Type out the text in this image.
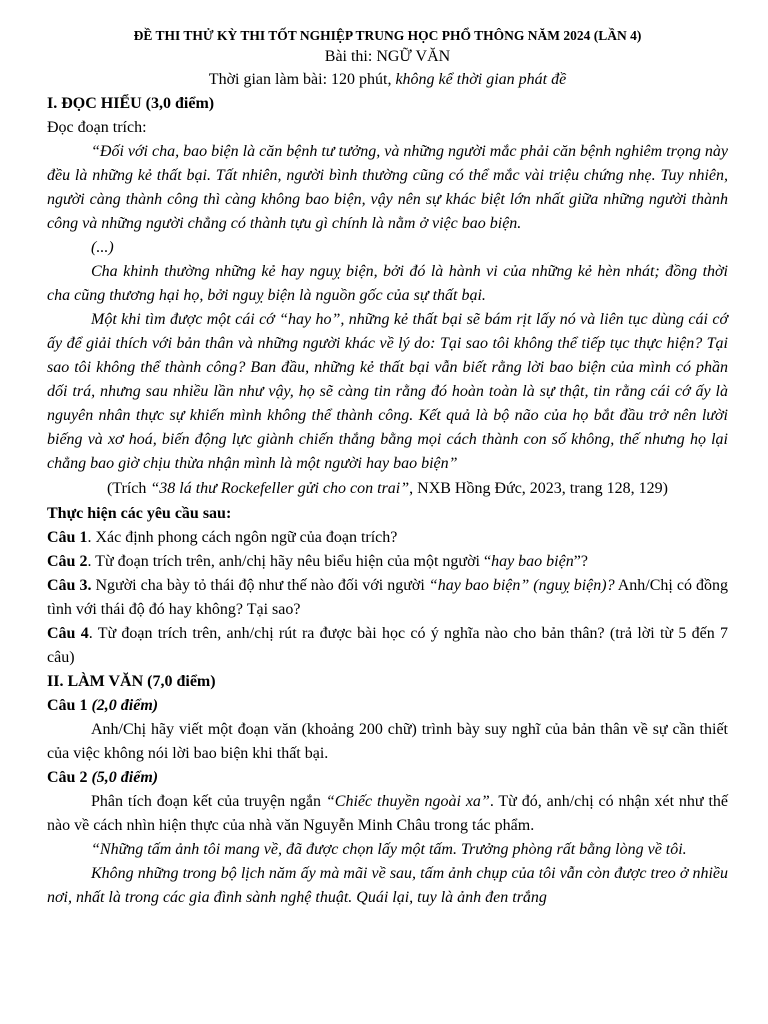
ĐỀ THI THỬ KỲ THI TỐT NGHIỆP TRUNG HỌC PHỔ THÔNG NĂM 2024 (LẦN 4)
Bài thi: NGỮ VĂN
Thời gian làm bài: 120 phút, không kể thời gian phát đề

I. ĐỌC HIỂU (3,0 điểm)

Đọc đoạn trích:

“Đối với cha, bao biện là căn bệnh tư tưởng, và những người mắc phải căn bệnh nghiêm trọng này đều là những kẻ thất bại. Tất nhiên, người bình thường cũng có thể mắc vài triệu chứng nhẹ. Tuy nhiên, người càng thành công thì càng không bao biện, vậy nên sự khác biệt lớn nhất giữa những người thành công và những người chẳng có thành tựu gì chính là nằm ở việc bao biện.

(...)

Cha khinh thường những kẻ hay nguỵ biện, bởi đó là hành vi của những kẻ hèn nhát; đồng thời cha cũng thương hại họ, bởi nguỵ biện là nguồn gốc của sự thất bại.

Một khi tìm được một cái cớ “hay ho”, những kẻ thất bại sẽ bám rịt lấy nó và liên tục dùng cái cớ ấy để giải thích với bản thân và những người khác về lý do: Tại sao tôi không thể tiếp tục thực hiện? Tại sao tôi không thể thành công? Ban đầu, những kẻ thất bại vẫn biết rằng lời bao biện của mình có phần dối trá, nhưng sau nhiều lần như vậy, họ sẽ càng tin rằng đó hoàn toàn là sự thật, tin rằng cái cớ ấy là nguyên nhân thực sự khiến mình không thể thành công. Kết quả là bộ não của họ bắt đầu trở nên lười biếng và xơ hoá, biến động lực giành chiến thắng bằng mọi cách thành con số không, thế nhưng họ lại chẳng bao giờ chịu thừa nhận mình là một người hay bao biện”

(Trích “38 lá thư Rockefeller gửi cho con trai”, NXB Hồng Đức, 2023, trang 128, 129)

Thực hiện các yêu cầu sau:

Câu 1. Xác định phong cách ngôn ngữ của đoạn trích?

Câu 2. Từ đoạn trích trên, anh/chị hãy nêu biểu hiện của một người “hay bao biện”?

Câu 3. Người cha bày tỏ thái độ như thế nào đối với người “hay bao biện” (nguỵ biện)? Anh/Chị có đồng tình với thái độ đó hay không? Tại sao?

Câu 4. Từ đoạn trích trên, anh/chị rút ra được bài học có ý nghĩa nào cho bản thân? (trả lời từ 5 đến 7 câu)

II. LÀM VĂN (7,0 điểm)

Câu 1 (2,0 điểm)

Anh/Chị hãy viết một đoạn văn (khoảng 200 chữ) trình bày suy nghĩ của bản thân về sự cần thiết của việc không nói lời bao biện khi thất bại.

Câu 2 (5,0 điểm)

Phân tích đoạn kết của truyện ngắn “Chiếc thuyền ngoài xa”. Từ đó, anh/chị có nhận xét như thế nào về cách nhìn hiện thực của nhà văn Nguyễn Minh Châu trong tác phẩm.

“Những tấm ảnh tôi mang về, đã được chọn lấy một tấm. Trưởng phòng rất bằng lòng về tôi.

Không những trong bộ lịch năm ấy mà mãi về sau, tấm ảnh chụp của tôi vẫn còn được treo ở nhiều nơi, nhất là trong các gia đình sành nghệ thuật. Quái lại, tuy là ảnh đen trắng
